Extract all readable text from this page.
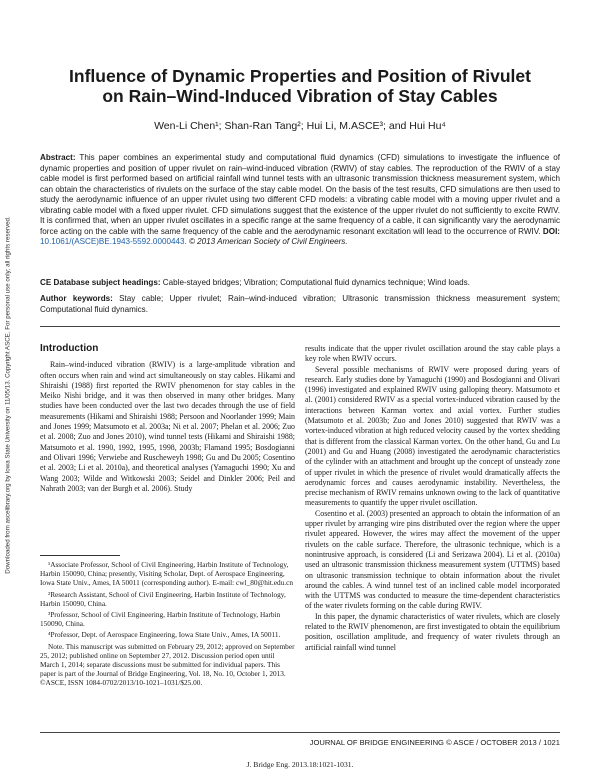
Downloaded from ascelibrary.org by Iowa State University on 11/05/13. Copyright ASCE. For personal use only; all rights reserved.
Influence of Dynamic Properties and Position of Rivulet
on Rain–Wind-Induced Vibration of Stay Cables
Wen-Li Chen¹; Shan-Ran Tang²; Hui Li, M.ASCE³; and Hui Hu⁴
Abstract: This paper combines an experimental study and computational fluid dynamics (CFD) simulations to investigate the influence of dynamic properties and position of upper rivulet on rain–wind-induced vibration (RWIV) of stay cables. The reproduction of the RWIV of a stay cable model is first performed based on artificial rainfall wind tunnel tests with an ultrasonic transmission thickness measurement system, which can obtain the characteristics of rivulets on the surface of the stay cable model. On the basis of the test results, CFD simulations are then used to study the aerodynamic influence of an upper rivulet using two different CFD models: a vibrating cable model with a moving upper rivulet and a vibrating cable model with a fixed upper rivulet. CFD simulations suggest that the existence of the upper rivulet do not sufficiently to excite RWIV. It is confirmed that, when an upper rivulet oscillates in a specific range at the same frequency of a cable, it can significantly vary the aerodynamic force acting on the cable with the same frequency of the cable and the aerodynamic resonant excitation will lead to the occurrence of RWIV. DOI: 10.1061/(ASCE)BE.1943-5592.0000443. © 2013 American Society of Civil Engineers.
CE Database subject headings: Cable-stayed bridges; Vibration; Computational fluid dynamics technique; Wind loads.
Author keywords: Stay cable; Upper rivulet; Rain–wind-induced vibration; Ultrasonic transmission thickness measurement system; Computational fluid dynamics.
Introduction

Rain–wind-induced vibration (RWIV) is a large-amplitude vibration and often occurs when rain and wind act simultaneously on stay cables. Hikami and Shiraishi (1988) first reported the RWIV phenomenon for stay cables in the Meiko Nishi bridge, and it was then observed in many other bridges. Many studies have been conducted over the last two decades through the use of field measurements (Hikami and Shiraishi 1988; Persoon and Noorlander 1999; Main and Jones 1999; Matsumoto et al. 2003a; Ni et al. 2007; Phelan et al. 2006; Zuo et al. 2008; Zuo and Jones 2010), wind tunnel tests (Hikami and Shiraishi 1988; Matsumoto et al. 1990, 1992, 1995, 1998, 2003b; Flamand 1995; Bosdogianni and Olivari 1996; Verwiebe and Ruscheweyh 1998; Gu and Du 2005; Cosentino et al. 2003; Li et al. 2010a), and theoretical analyses (Yamaguchi 1990; Xu and Wang 2003; Wilde and Witkowski 2003; Seidel and Dinkler 2006; Peil and Nahrath 2003; van der Burgh et al. 2006). Study

¹Associate Professor, School of Civil Engineering, Harbin Institute of Technology, Harbin 150090, China; presently, Visiting Scholar, Dept. of Aerospace Engineering, Iowa State Univ., Ames, IA 50011 (corresponding author). E-mail: cwl_80@hit.edu.cn

²Research Assistant, School of Civil Engineering, Harbin Institute of Technology, Harbin 150090, China.

³Professor, School of Civil Engineering, Harbin Institute of Technology, Harbin 150090, China.

⁴Professor, Dept. of Aerospace Engineering, Iowa State Univ., Ames, IA 50011.

Note. This manuscript was submitted on February 29, 2012; approved on September 25, 2012; published online on September 27, 2012. Discussion period open until March 1, 2014; separate discussions must be submitted for individual papers. This paper is part of the Journal of Bridge Engineering, Vol. 18, No. 10, October 1, 2013. ©ASCE, ISSN 1084-0702/2013/10-1021–1031/$25.00.

results indicate that the upper rivulet oscillation around the stay cable plays a key role when RWIV occurs.

Several possible mechanisms of RWIV were proposed during years of research. Early studies done by Yamaguchi (1990) and Bosdogianni and Olivari (1996) investigated and explained RWIV using galloping theory. Matsumoto et al. (2001) considered RWIV as a special vortex-induced vibration caused by the interactions between Karman vortex and axial vortex. Further studies (Matsumoto et al. 2003b; Zuo and Jones 2010) suggested that RWIV was a vortex-induced vibration at high reduced velocity caused by the vortex shedding that is different from the classical Karman vortex. On the other hand, Gu and Lu (2001) and Gu and Huang (2008) investigated the aerodynamic characteristics of the cylinder with an attachment and brought up the concept of unsteady zone of upper rivulet in which the presence of rivulet would dramatically affects the aerodynamic forces and causes aerodynamic instability. Nevertheless, the precise mechanism of RWIV remains unknown owing to the lack of quantitative measurements to quantify the upper rivulet oscillation.

Cosentino et al. (2003) presented an approach to obtain the information of an upper rivulet by arranging wire pins distributed over the region where the upper rivulet appeared. However, the wires may affect the movement of the upper rivulets on the cable surface. Therefore, the ultrasonic technique, which is a nonintrusive approach, is considered (Li and Serizawa 2004). Li et al. (2010a) used an ultrasonic transmission thickness measurement system (UTTMS) based on ultrasonic transmission technique to obtain information about the rivulet around the cables. A wind tunnel test of an inclined cable model incorporated with the UTTMS was conducted to measure the time-dependent characteristics of the water rivulets forming on the cable during RWIV.

In this paper, the dynamic characteristics of water rivulets, which are closely related to the RWIV phenomenon, are first investigated to obtain the equilibrium position, oscillation amplitude, and frequency of water rivulets through an artificial rainfall wind tunnel

JOURNAL OF BRIDGE ENGINEERING © ASCE / OCTOBER 2013 / 1021
J. Bridge Eng. 2013.18:1021-1031.
